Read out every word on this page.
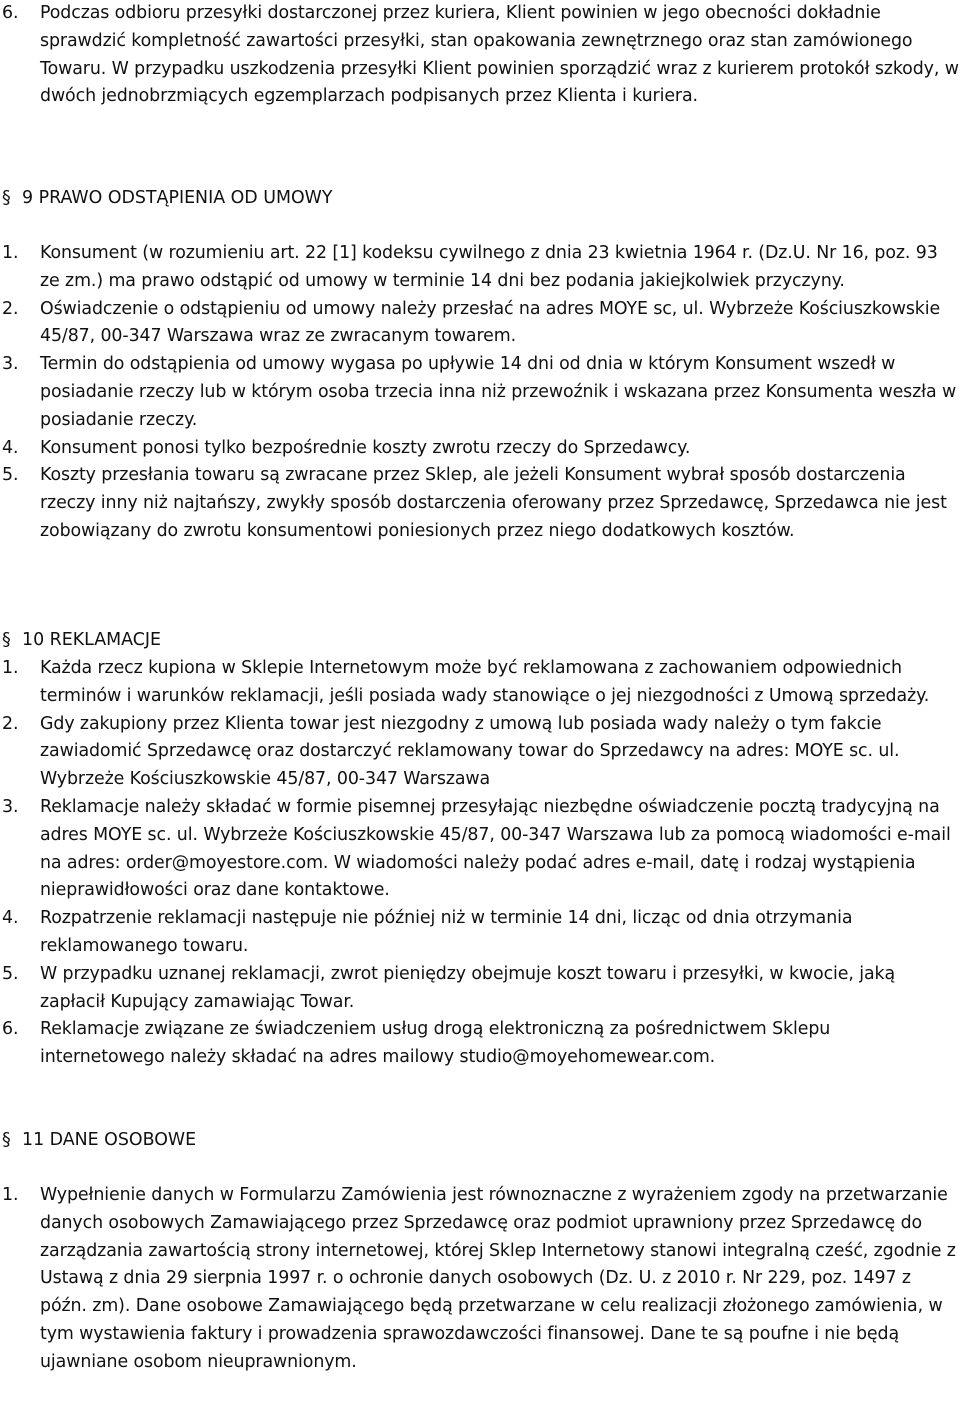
6. Podczas odbioru przesyłki dostarczonej przez kuriera, Klient powinien w jego obecności dokładnie sprawdzić kompletność zawartości przesyłki, stan opakowania zewnętrznego oraz stan zamówionego Towaru. W przypadku uszkodzenia przesyłki Klient powinien sporządzić wraz z kurierem protokół szkody, w dwóch jednobrzmiących egzemplarzach podpisanych przez Klienta i kuriera.

§ 9 PRAWO ODSTĄPIENIA OD UMOWY

1. Konsument (w rozumieniu art. 22 [1] kodeksu cywilnego z dnia 23 kwietnia 1964 r. (Dz.U. Nr 16, poz. 93 ze zm.) ma prawo odstąpić od umowy w terminie 14 dni bez podania jakiejkolwiek przyczyny.

2. Oświadczenie o odstąpieniu od umowy należy przesłać na adres MOYE sc, ul. Wybrzeże Kościuszkowskie 45/87, 00-347 Warszawa wraz ze zwracanym towarem.

3. Termin do odstąpienia od umowy wygasa po upływie 14 dni od dnia w którym Konsument wszedł w posiadanie rzeczy lub w którym osoba trzecia inna niż przewoźnik i wskazana przez Konsumenta weszła w posiadanie rzeczy.

4. Konsument ponosi tylko bezpośrednie koszty zwrotu rzeczy do Sprzedawcy.

5. Koszty przesłania towaru są zwracane przez Sklep, ale jeżeli Konsument wybrał sposób dostarczenia rzeczy inny niż najtańszy, zwykły sposób dostarczenia oferowany przez Sprzedawcę, Sprzedawca nie jest zobowiązany do zwrotu konsumentowi poniesionych przez niego dodatkowych kosztów.

§ 10 REKLAMACJE

1. Każda rzecz kupiona w Sklepie Internetowym może być reklamowana z zachowaniem odpowiednich terminów i warunków reklamacji, jeśli posiada wady stanowiące o jej niezgodności z Umową sprzedaży.

2. Gdy zakupiony przez Klienta towar jest niezgodny z umową lub posiada wady należy o tym fakcie zawiadomić Sprzedawcę oraz dostarczyć reklamowany towar do Sprzedawcy na adres: MOYE sc. ul. Wybrzeże Kościuszkowskie 45/87, 00-347 Warszawa

3. Reklamacje należy składać w formie pisemnej przesyłając niezbędne oświadczenie pocztą tradycyjną na adres MOYE sc. ul. Wybrzeże Kościuszkowskie 45/87, 00-347 Warszawa lub za pomocą wiadomości e-mail na adres: order@moyestore.com. W wiadomości należy podać adres e-mail, datę i rodzaj wystąpienia nieprawidłowości oraz dane kontaktowe.

4. Rozpatrzenie reklamacji następuje nie później niż w terminie 14 dni, licząc od dnia otrzymania reklamowanego towaru.

5. W przypadku uznanej reklamacji, zwrot pieniędzy obejmuje koszt towaru i przesyłki, w kwocie, jaką zapłacił Kupujący zamawiając Towar.

6. Reklamacje związane ze świadczeniem usług drogą elektroniczną za pośrednictwem Sklepu internetowego należy składać na adres mailowy studio@moyehomewear.com.

§ 11 DANE OSOBOWE

1. Wypełnienie danych w Formularzu Zamówienia jest równoznaczne z wyrażeniem zgody na przetwarzanie danych osobowych Zamawiającego przez Sprzedawcę oraz podmiot uprawniony przez Sprzedawcę do zarządzania zawartością strony internetowej, której Sklep Internetowy stanowi integralną cześć, zgodnie z Ustawą z dnia 29 sierpnia 1997 r. o ochronie danych osobowych (Dz. U. z 2010 r. Nr 229, poz. 1497 z późn. zm). Dane osobowe Zamawiającego będą przetwarzane w celu realizacji złożonego zamówienia, w tym wystawienia faktury i prowadzenia sprawozdawczości finansowej. Dane te są poufne i nie będą ujawniane osobom nieuprawnionym.
